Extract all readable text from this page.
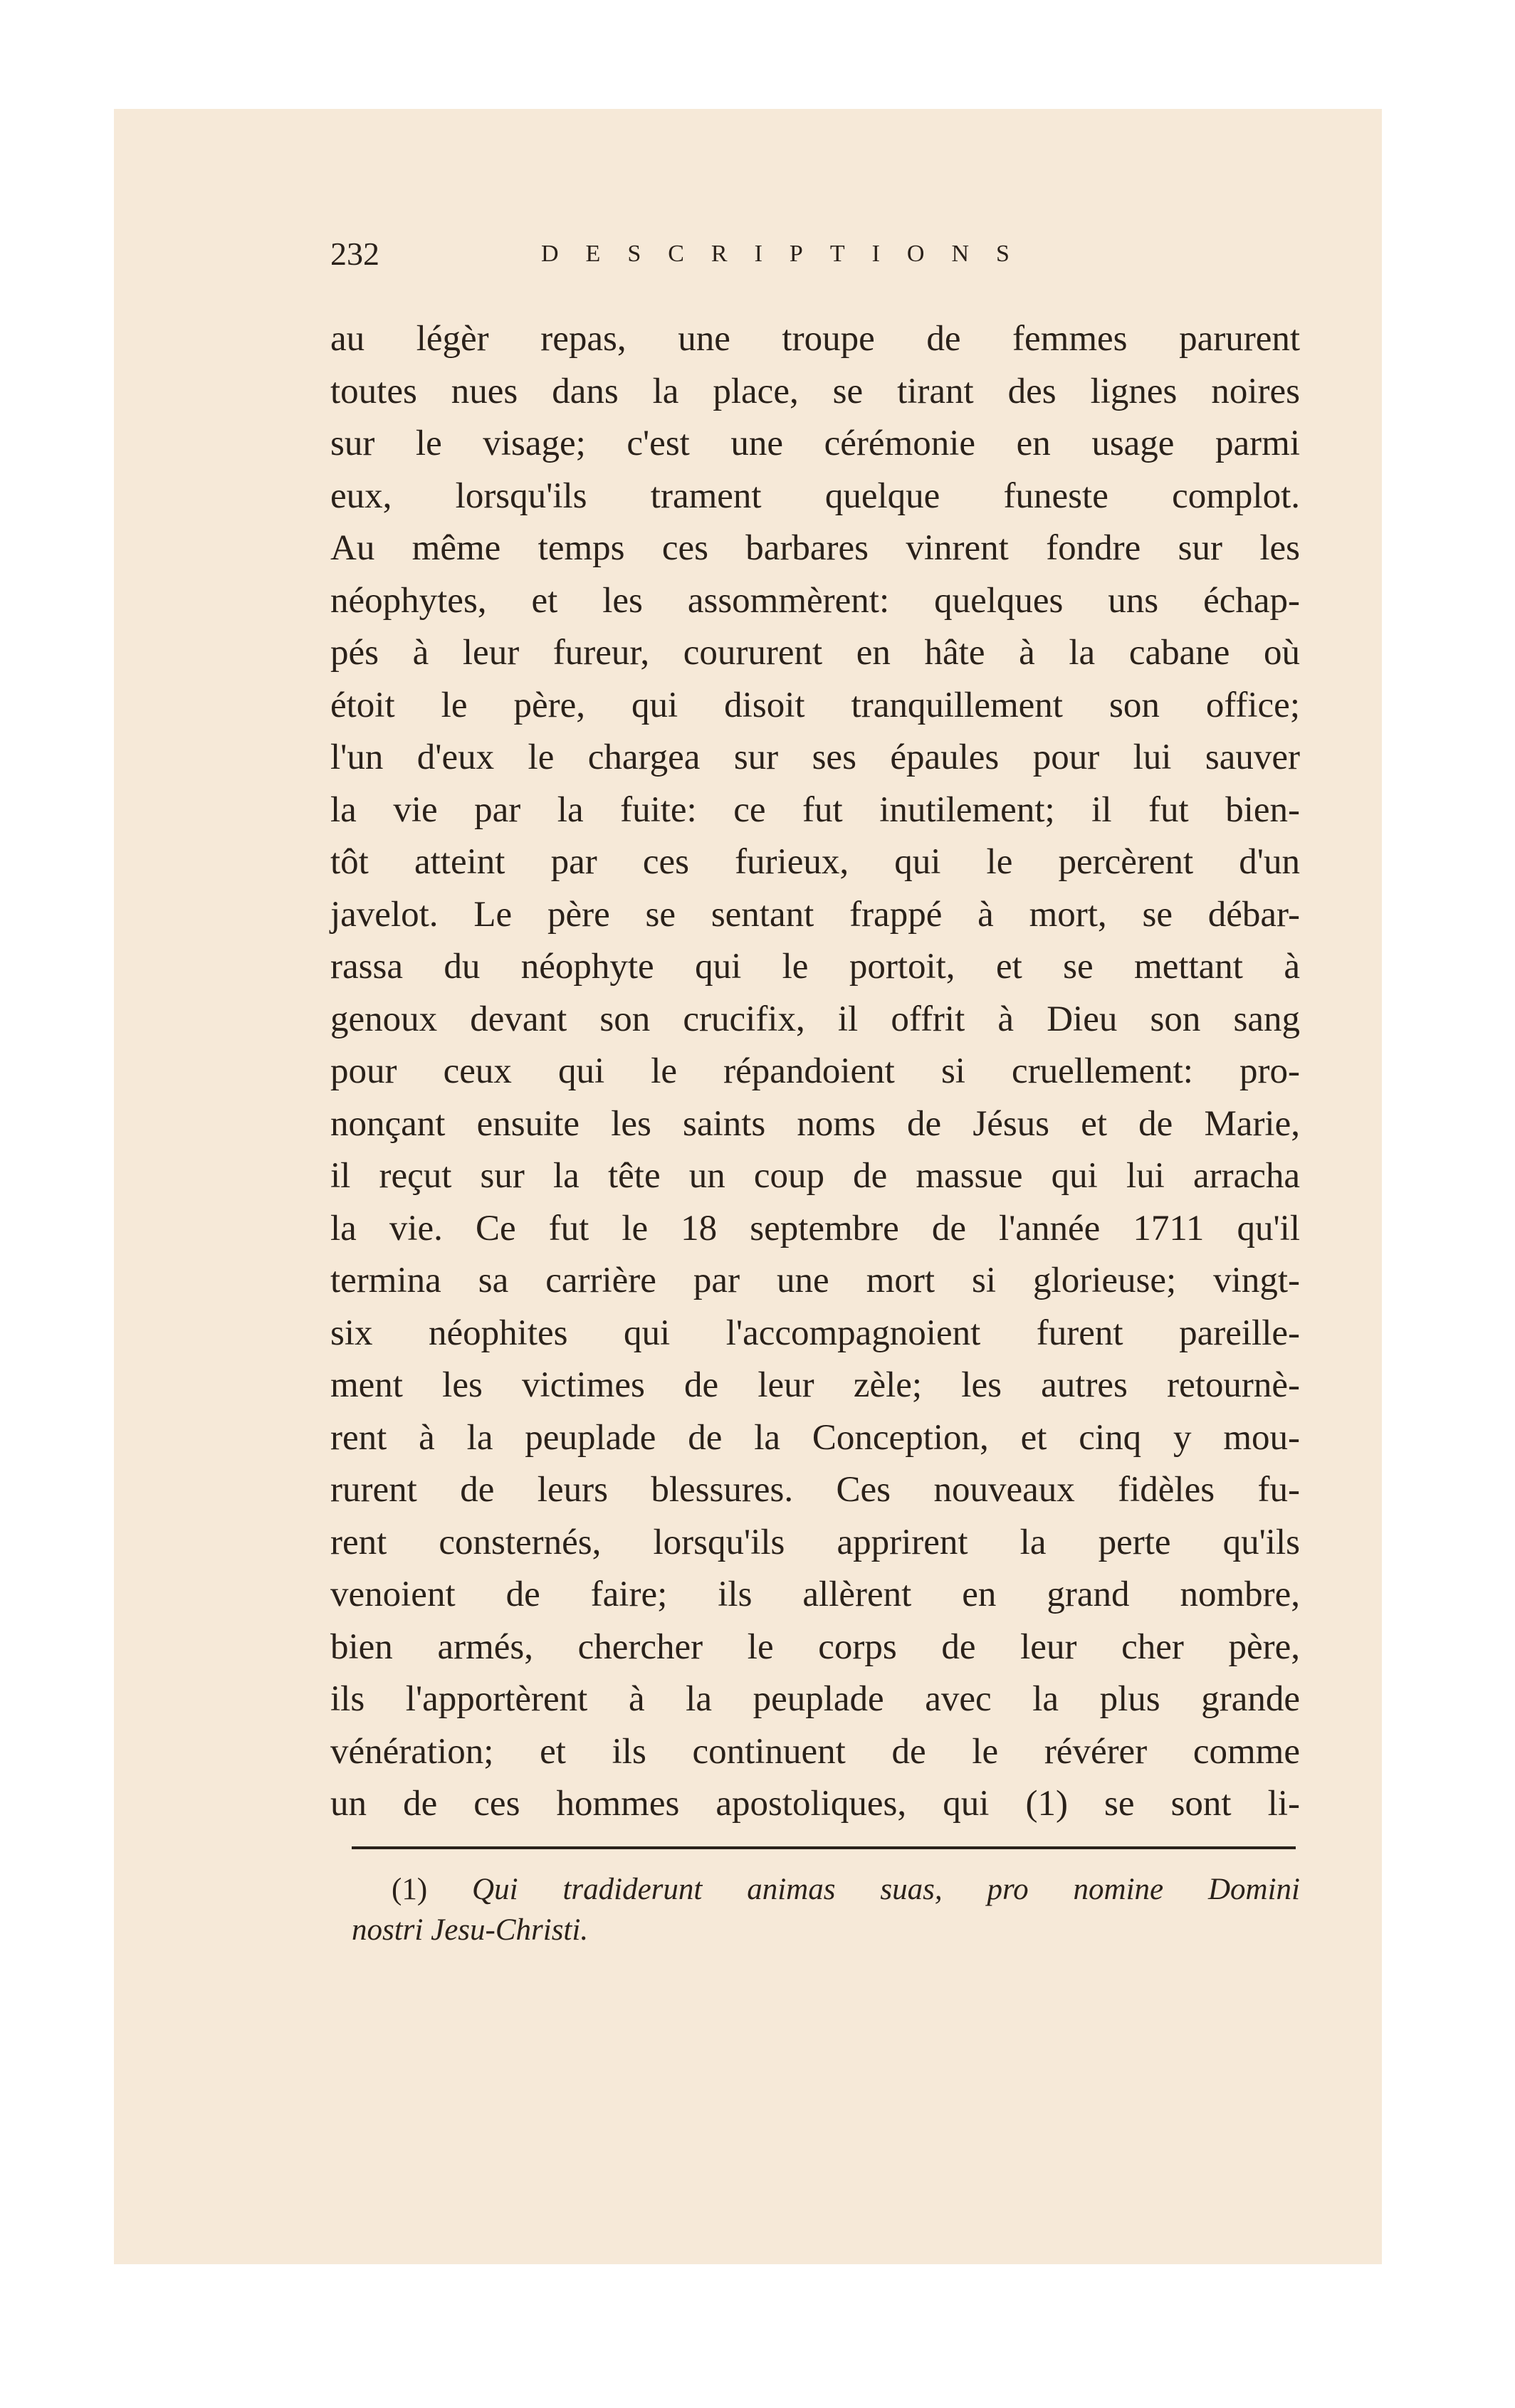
232	DESCRIPTIONS
au légèr repas, une troupe de femmes parurent
toutes nues dans la place, se tirant des lignes noires
sur le visage; c'est une cérémonie en usage parmi
eux, lorsqu'ils trament quelque funeste complot.
Au même temps ces barbares vinrent fondre sur les
néophytes, et les assommèrent: quelques uns échap-
pés à leur fureur, coururent en hâte à la cabane où
étoit le père, qui disoit tranquillement son office;
l'un d'eux le chargea sur ses épaules pour lui sauver
la vie par la fuite: ce fut inutilement; il fut bien-
tôt atteint par ces furieux, qui le percèrent d'un
javelot. Le père se sentant frappé à mort, se débar-
rassa du néophyte qui le portoit, et se mettant à
genoux devant son crucifix, il offrit à Dieu son sang
pour ceux qui le répandoient si cruellement: pro-
nonçant ensuite les saints noms de Jésus et de Marie,
il reçut sur la tête un coup de massue qui lui arracha
la vie. Ce fut le 18 septembre de l'année 1711 qu'il
termina sa carrière par une mort si glorieuse; vingt-
six néophites qui l'accompagnoient furent pareille-
ment les victimes de leur zèle; les autres retournè-
rent à la peuplade de la Conception, et cinq y mou-
rurent de leurs blessures. Ces nouveaux fidèles fu-
rent consternés, lorsqu'ils apprirent la perte qu'ils
venoient de faire; ils allèrent en grand nombre,
bien armés, chercher le corps de leur cher père,
ils l'apportèrent à la peuplade avec la plus grande
vénération; et ils continuent de le révérer comme
un de ces hommes apostoliques, qui (1) se sont li-
(1) Qui tradiderunt animas suas, pro nomine Domini
nostri Jesu-Christi.
